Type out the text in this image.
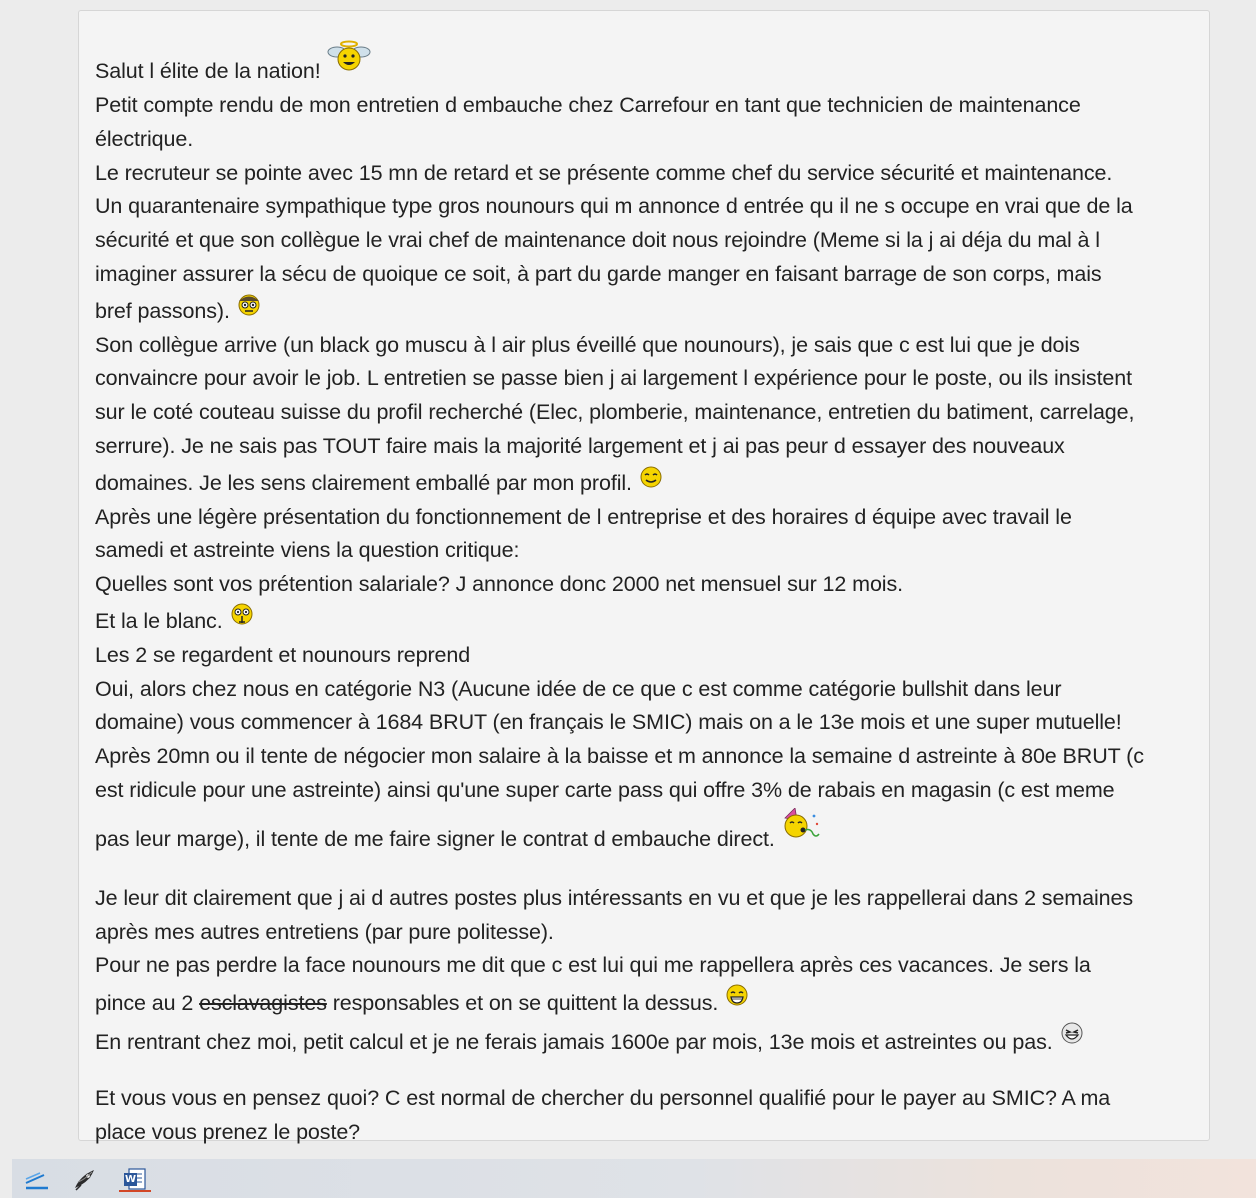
Salut l élite de la nation!
Petit compte rendu de mon entretien d embauche chez Carrefour en tant que technicien de maintenance
électrique.
Le recruteur se pointe avec 15 mn de retard et se présente comme chef du service sécurité et maintenance.
Un quarantenaire sympathique type gros nounours qui m annonce d entrée qu il ne s occupe en vrai que de la
sécurité et que son collègue le vrai chef de maintenance doit nous rejoindre (Meme si la j ai déja du mal à l
imaginer assurer la sécu de quoique ce soit, à part du garde manger en faisant barrage de son corps, mais
bref passons).
Son collègue arrive (un black go muscu à l air plus éveillé que nounours), je sais que c est lui que je dois
convaincre pour avoir le job. L entretien se passe bien j ai largement l expérience pour le poste, ou ils insistent
sur le coté couteau suisse du profil recherché (Elec, plomberie, maintenance, entretien du batiment, carrelage,
serrure). Je ne sais pas TOUT faire mais la majorité largement et j ai pas peur d essayer des nouveaux
domaines. Je les sens clairement emballé par mon profil.
Après une légère présentation du fonctionnement de l entreprise et des horaires d équipe avec travail le
samedi et astreinte viens la question critique:
Quelles sont vos prétention salariale? J annonce donc 2000 net mensuel sur 12 mois.
Et la le blanc.
Les 2 se regardent et nounours reprend
Oui, alors chez nous en catégorie N3 (Aucune idée de ce que c est comme catégorie bullshit dans leur
domaine) vous commencer à 1684 BRUT (en français le SMIC) mais on a le 13e mois et une super mutuelle!
Après 20mn ou il tente de négocier mon salaire à la baisse et m annonce la semaine d astreinte à 80e BRUT (c
est ridicule pour une astreinte) ainsi qu'une super carte pass qui offre 3% de rabais en magasin (c est meme
pas leur marge), il tente de me faire signer le contrat d embauche direct.
Je leur dit clairement que j ai d autres postes plus intéressants en vu et que je les rappellerai dans 2 semaines
après mes autres entretiens (par pure politesse).
Pour ne pas perdre la face nounours me dit que c est lui qui me rappellera après ces vacances. Je sers la
pince au 2 esclavagistes responsables et on se quittent la dessus.
En rentrant chez moi, petit calcul et je ne ferais jamais 1600e par mois, 13e mois et astreintes ou pas.
Et vous vous en pensez quoi? C est normal de chercher du personnel qualifié pour le payer au SMIC? A ma
place vous prenez le poste?
W
